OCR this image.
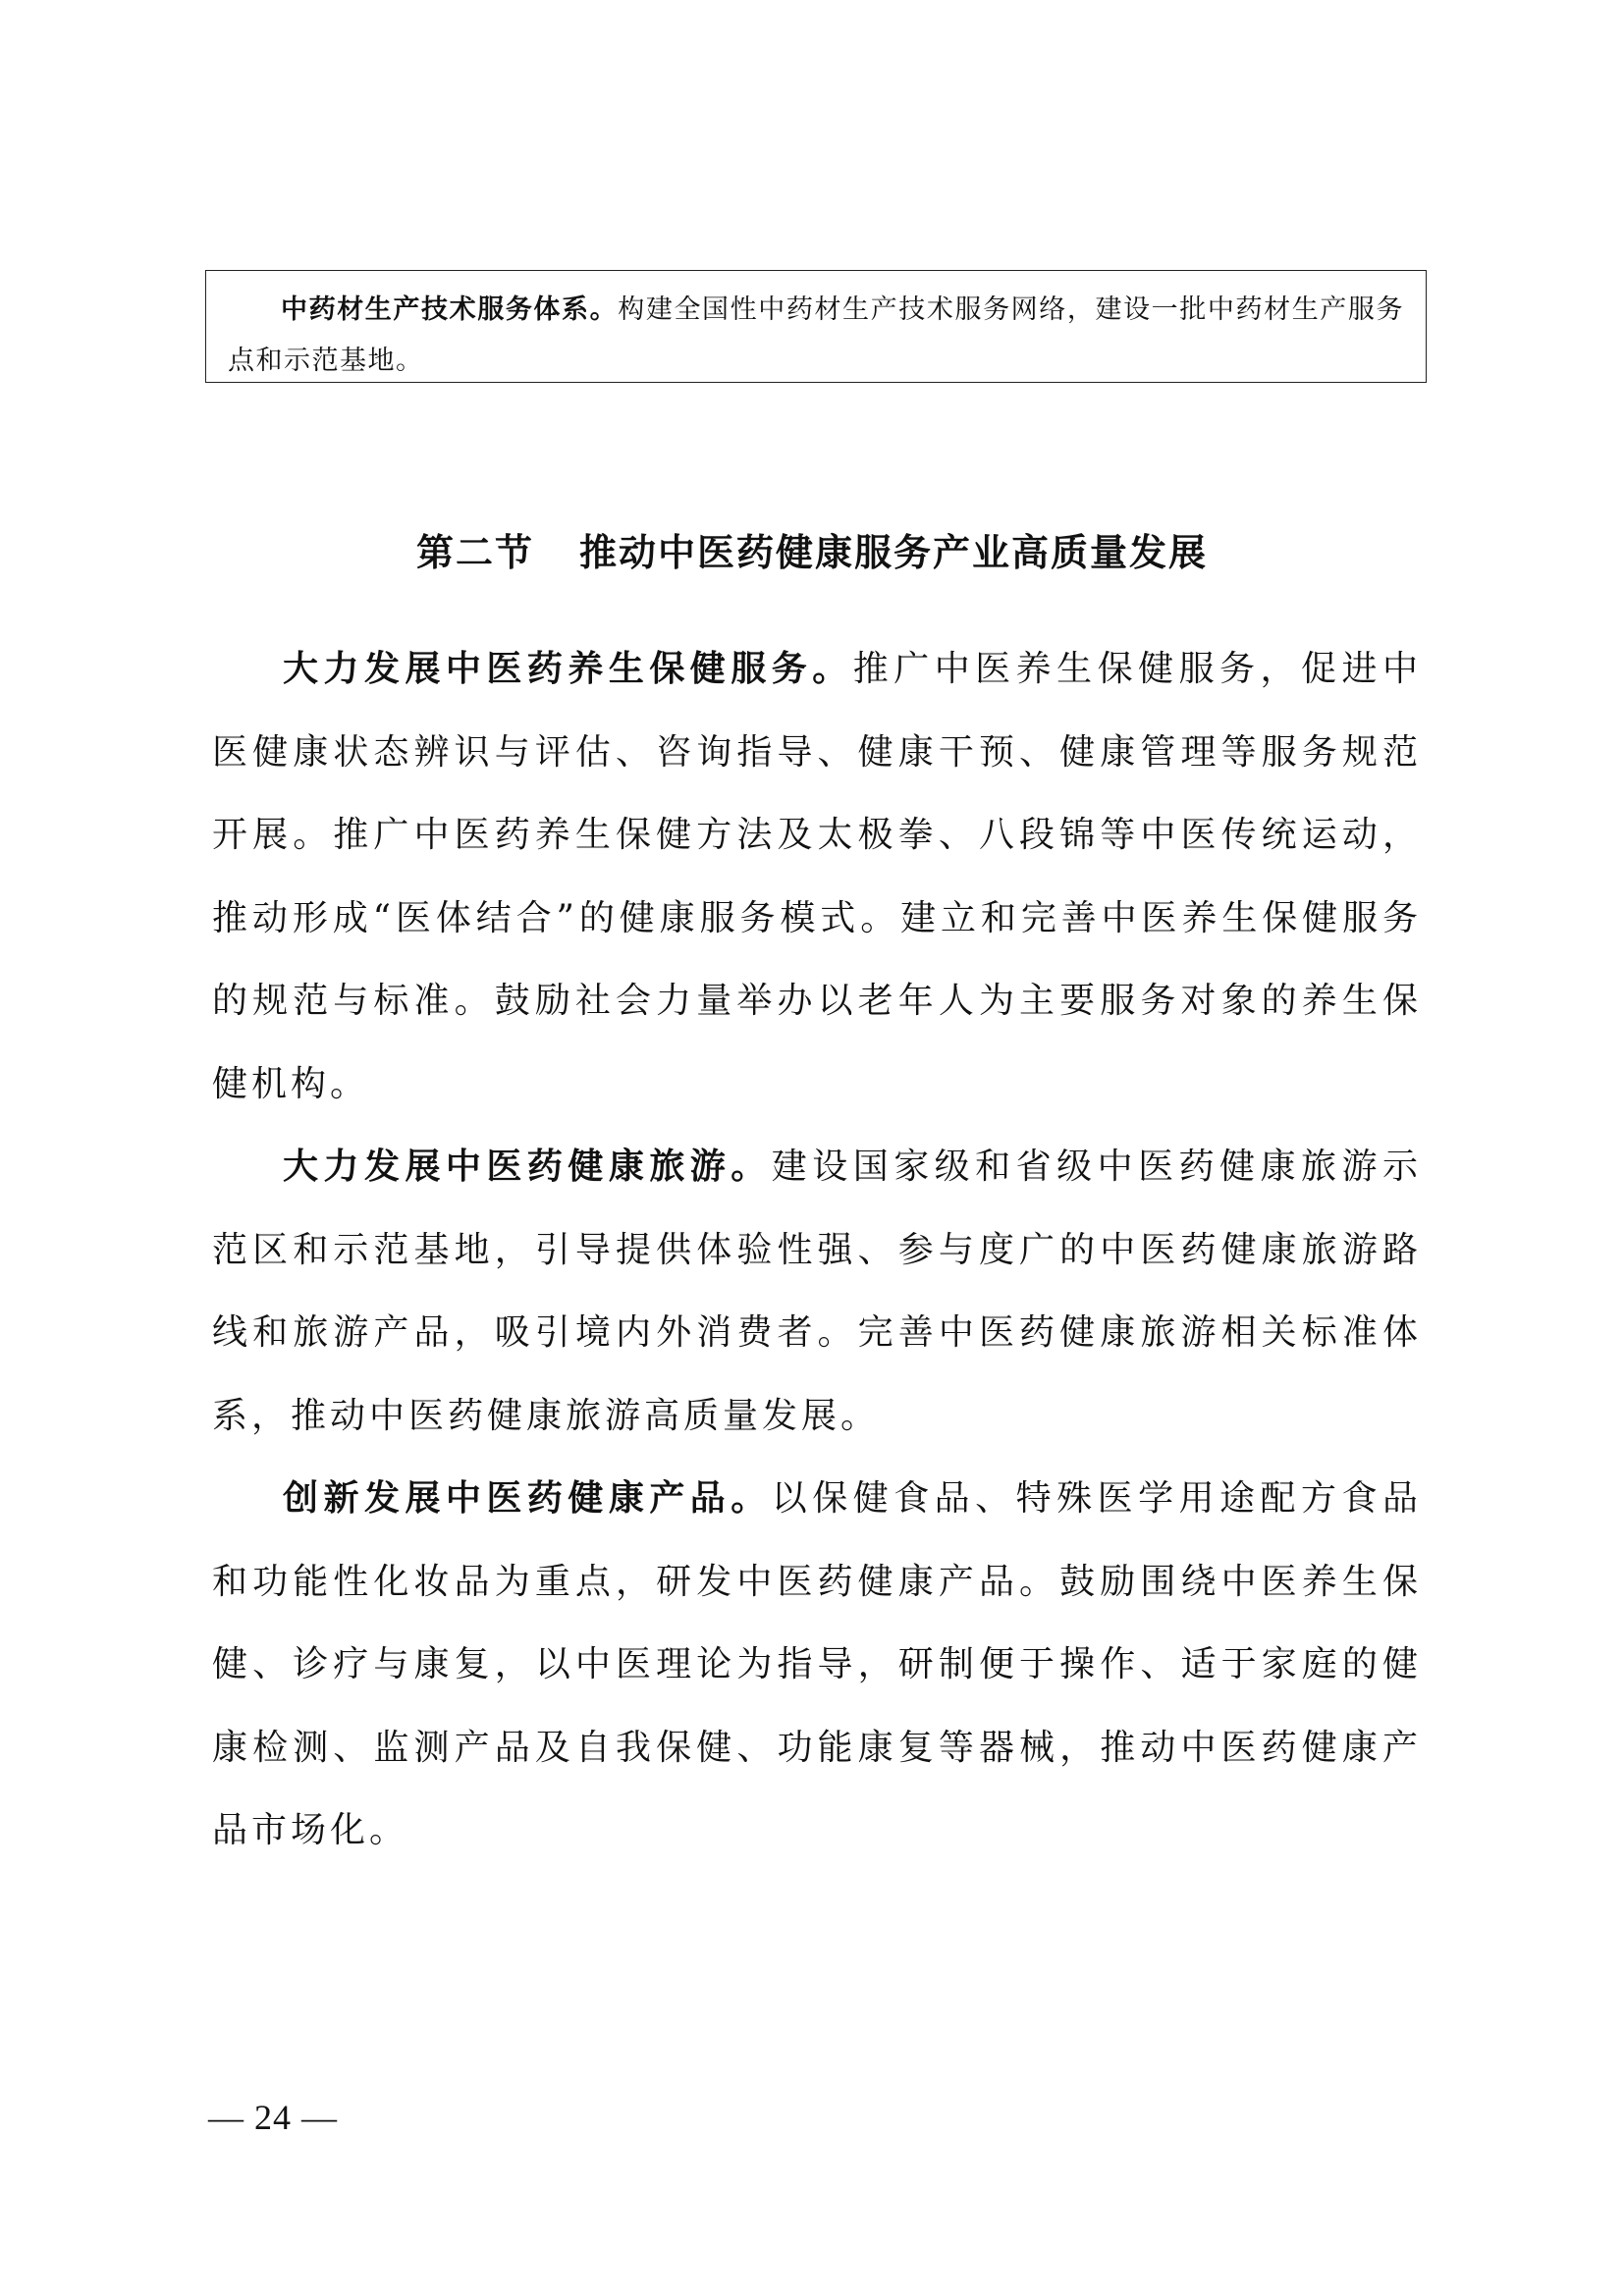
中药材生产技术服务体系。构建全国性中药材生产技术服务网络，建设一批中药材生产服务点和示范基地。

第二节 推动中医药健康服务产业高质量发展

大力发展中医药养生保健服务。推广中医养生保健服务，促进中医健康状态辨识与评估、咨询指导、健康干预、健康管理等服务规范开展。推广中医药养生保健方法及太极拳、八段锦等中医传统运动，推动形成“医体结合”的健康服务模式。建立和完善中医养生保健服务的规范与标准。鼓励社会力量举办以老年人为主要服务对象的养生保健机构。

大力发展中医药健康旅游。建设国家级和省级中医药健康旅游示范区和示范基地，引导提供体验性强、参与度广的中医药健康旅游路线和旅游产品，吸引境内外消费者。完善中医药健康旅游相关标准体系，推动中医药健康旅游高质量发展。

创新发展中医药健康产品。以保健食品、特殊医学用途配方食品和功能性化妆品为重点，研发中医药健康产品。鼓励围绕中医养生保健、诊疗与康复，以中医理论为指导，研制便于操作、适于家庭的健康检测、监测产品及自我保健、功能康复等器械，推动中医药健康产品市场化。

— 24 —
